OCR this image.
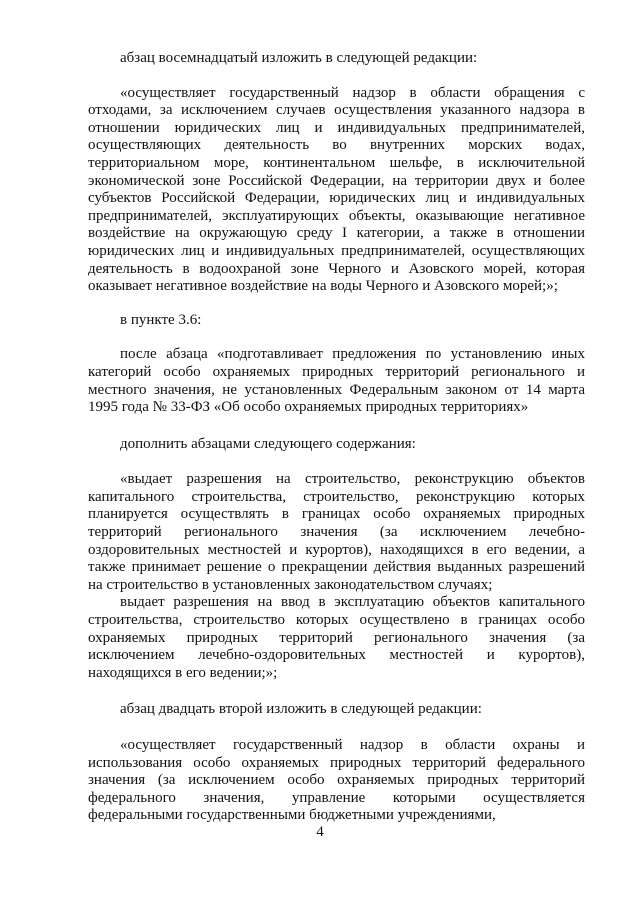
абзац восемнадцатый изложить в следующей редакции:

«осуществляет государственный надзор в области обращения с отходами, за исключением случаев осуществления указанного надзора в отношении юридических лиц и индивидуальных предпринимателей, осуществляющих деятельность во внутренних морских водах, территориальном море, континентальном шельфе, в исключительной экономической зоне Российской Федерации, на территории двух и более субъектов Российской Федерации, юридических лиц и индивидуальных предпринимателей, эксплуатирующих объекты, оказывающие негативное воздействие на окружающую среду I категории, а также в отношении юридических лиц и индивидуальных предпринимателей, осуществляющих деятельность в водоохраной зоне Черного и Азовского морей, которая оказывает негативное воздействие на воды Черного и Азовского морей;»;

в пункте 3.6:

после абзаца «подготавливает предложения по установлению иных категорий особо охраняемых природных территорий регионального и местного значения, не установленных Федеральным законом от 14 марта 1995 года № 33-ФЗ «Об особо охраняемых природных территориях»

дополнить абзацами следующего содержания:

«выдает разрешения на строительство, реконструкцию объектов капитального строительства, строительство, реконструкцию которых планируется осуществлять в границах особо охраняемых природных территорий регионального значения (за исключением лечебно-оздоровительных местностей и курортов), находящихся в его ведении, а также принимает решение о прекращении действия выданных разрешений на строительство в установленных законодательством случаях;

выдает разрешения на ввод в эксплуатацию объектов капитального строительства, строительство которых осуществлено в границах особо охраняемых природных территорий регионального значения (за исключением лечебно-оздоровительных местностей и курортов), находящихся в его ведении;»;

абзац двадцать второй изложить в следующей редакции:

«осуществляет государственный надзор в области охраны и использования особо охраняемых природных территорий федерального значения (за исключением особо охраняемых природных территорий федерального значения, управление которыми осуществляется федеральными государственными бюджетными учреждениями,

4
